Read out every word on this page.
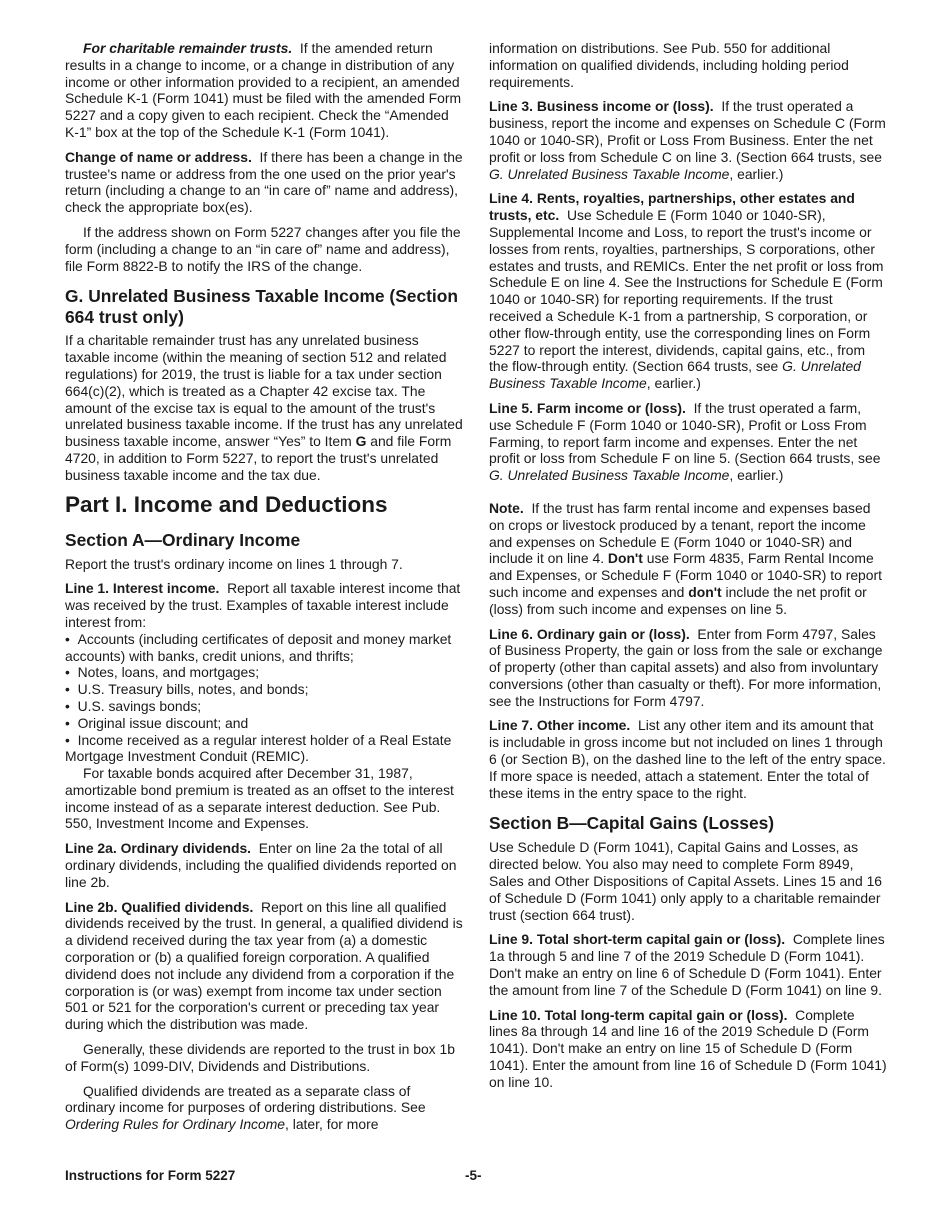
For charitable remainder trusts. If the amended return results in a change to income, or a change in distribution of any income or other information provided to a recipient, an amended Schedule K-1 (Form 1041) must be filed with the amended Form 5227 and a copy given to each recipient. Check the “Amended K-1” box at the top of the Schedule K-1 (Form 1041).

Change of name or address. If there has been a change in the trustee's name or address from the one used on the prior year's return (including a change to an “in care of” name and address), check the appropriate box(es).

If the address shown on Form 5227 changes after you file the form (including a change to an “in care of” name and address), file Form 8822-B to notify the IRS of the change.

G. Unrelated Business Taxable Income (Section 664 trust only)

If a charitable remainder trust has any unrelated business taxable income (within the meaning of section 512 and related regulations) for 2019, the trust is liable for a tax under section 664(c)(2), which is treated as a Chapter 42 excise tax. The amount of the excise tax is equal to the amount of the trust's unrelated business taxable income. If the trust has any unrelated business taxable income, answer “Yes” to Item G and file Form 4720, in addition to Form 5227, to report the trust's unrelated business taxable income and the tax due.

Part I. Income and Deductions
Section A—Ordinary Income

Report the trust's ordinary income on lines 1 through 7.

Line 1. Interest income. Report all taxable interest income that was received by the trust. Examples of taxable interest include interest from:

•  Accounts (including certificates of deposit and money market accounts) with banks, credit unions, and thrifts;

•  Notes, loans, and mortgages;

•  U.S. Treasury bills, notes, and bonds;

•  U.S. savings bonds;

•  Original issue discount; and

•  Income received as a regular interest holder of a Real Estate Mortgage Investment Conduit (REMIC).

For taxable bonds acquired after December 31, 1987, amortizable bond premium is treated as an offset to the interest income instead of as a separate interest deduction. See Pub. 550, Investment Income and Expenses.

Line 2a. Ordinary dividends. Enter on line 2a the total of all ordinary dividends, including the qualified dividends reported on line 2b.

Line 2b. Qualified dividends. Report on this line all qualified dividends received by the trust. In general, a qualified dividend is a dividend received during the tax year from (a) a domestic corporation or (b) a qualified foreign corporation. A qualified dividend does not include any dividend from a corporation if the corporation is (or was) exempt from income tax under section 501 or 521 for the corporation's current or preceding tax year during which the distribution was made.

Generally, these dividends are reported to the trust in box 1b of Form(s) 1099-DIV, Dividends and Distributions.

Qualified dividends are treated as a separate class of ordinary income for purposes of ordering distributions. See Ordering Rules for Ordinary Income, later, for more

information on distributions. See Pub. 550 for additional information on qualified dividends, including holding period requirements.

Line 3. Business income or (loss). If the trust operated a business, report the income and expenses on Schedule C (Form 1040 or 1040-SR), Profit or Loss From Business. Enter the net profit or loss from Schedule C on line 3. (Section 664 trusts, see G. Unrelated Business Taxable Income, earlier.)

Line 4. Rents, royalties, partnerships, other estates and trusts, etc. Use Schedule E (Form 1040 or 1040-SR), Supplemental Income and Loss, to report the trust's income or losses from rents, royalties, partnerships, S corporations, other estates and trusts, and REMICs. Enter the net profit or loss from Schedule E on line 4. See the Instructions for Schedule E (Form 1040 or 1040-SR) for reporting requirements. If the trust received a Schedule K-1 from a partnership, S corporation, or other flow-through entity, use the corresponding lines on Form 5227 to report the interest, dividends, capital gains, etc., from the flow-through entity. (Section 664 trusts, see G. Unrelated Business Taxable Income, earlier.)

Line 5. Farm income or (loss). If the trust operated a farm, use Schedule F (Form 1040 or 1040-SR), Profit or Loss From Farming, to report farm income and expenses. Enter the net profit or loss from Schedule F on line 5. (Section 664 trusts, see G. Unrelated Business Taxable Income, earlier.)

Note. If the trust has farm rental income and expenses based on crops or livestock produced by a tenant, report the income and expenses on Schedule E (Form 1040 or 1040-SR) and include it on line 4. Don't use Form 4835, Farm Rental Income and Expenses, or Schedule F (Form 1040 or 1040-SR) to report such income and expenses and don't include the net profit or (loss) from such income and expenses on line 5.

Line 6. Ordinary gain or (loss). Enter from Form 4797, Sales of Business Property, the gain or loss from the sale or exchange of property (other than capital assets) and also from involuntary conversions (other than casualty or theft). For more information, see the Instructions for Form 4797.

Line 7. Other income. List any other item and its amount that is includable in gross income but not included on lines 1 through 6 (or Section B), on the dashed line to the left of the entry space. If more space is needed, attach a statement. Enter the total of these items in the entry space to the right.

Section B—Capital Gains (Losses)

Use Schedule D (Form 1041), Capital Gains and Losses, as directed below. You also may need to complete Form 8949, Sales and Other Dispositions of Capital Assets. Lines 15 and 16 of Schedule D (Form 1041) only apply to a charitable remainder trust (section 664 trust).

Line 9. Total short-term capital gain or (loss). Complete lines 1a through 5 and line 7 of the 2019 Schedule D (Form 1041). Don't make an entry on line 6 of Schedule D (Form 1041). Enter the amount from line 7 of the Schedule D (Form 1041) on line 9.

Line 10. Total long-term capital gain or (loss). Complete lines 8a through 14 and line 16 of the 2019 Schedule D (Form 1041). Don't make an entry on line 15 of Schedule D (Form 1041). Enter the amount from line 16 of Schedule D (Form 1041) on line 10.

Instructions for Form 5227	-5-
